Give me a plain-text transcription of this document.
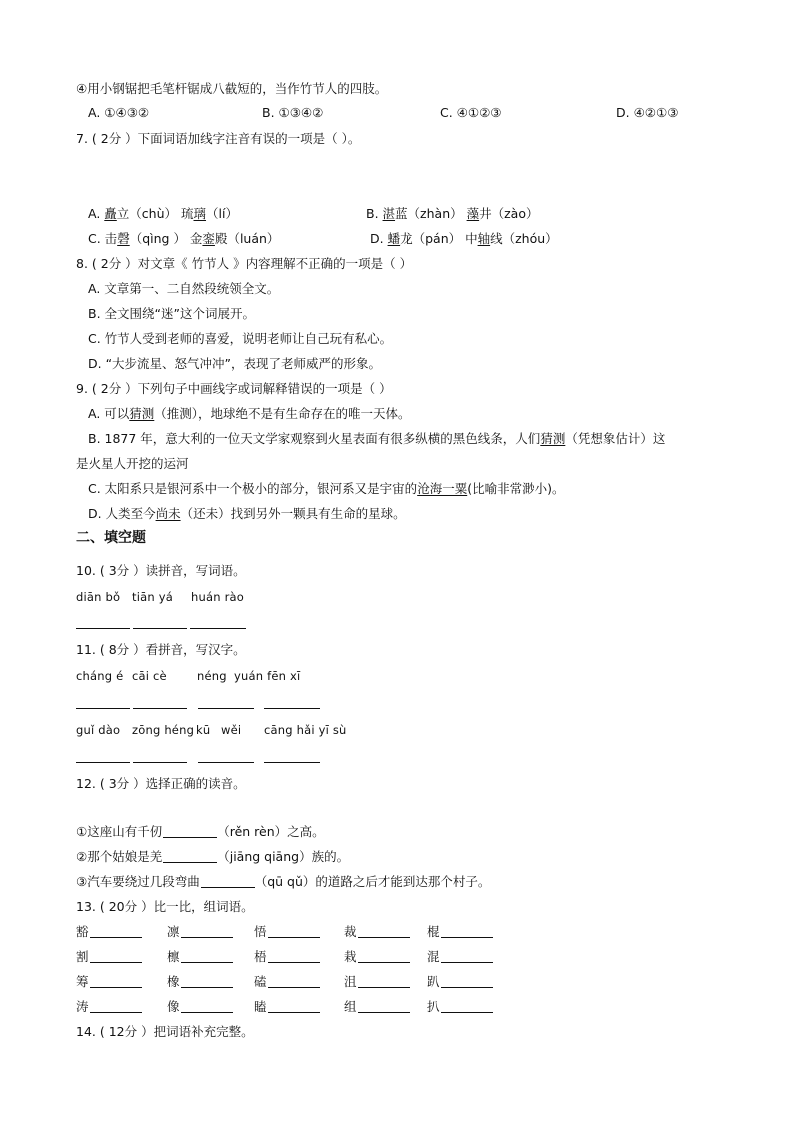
④用小钢锯把毛笔杆锯成八截短的，当作竹节人的四肢。
A. ①④③②	B. ①③④②	C. ④①②③	D. ④②①③
7. ( 2分 ）下面词语加线字注音有误的一项是（ ）。
A. 矗立（chù） 琉璃（lí）	B. 湛蓝（zhàn） 藻井（zào）
C. 击磬（qìng ） 金銮殿（luán）	D. 蟠龙（pán） 中轴线（zhóu）
8. ( 2分 ）对文章《 竹节人 》内容理解不正确的一项是（ ）
A. 文章第一、二自然段统领全文。
B. 全文围绕“迷”这个词展开。
C. 竹节人受到老师的喜爱，说明老师让自己玩有私心。
D. “大步流星、怒气冲冲”，表现了老师威严的形象。
9. ( 2分 ）下列句子中画线字或词解释错误的一项是（ ）
A. 可以猜测（推测），地球绝不是有生命存在的唯一天体。
B. 1877 年，意大利的一位天文学家观察到火星表面有很多纵横的黑色线条，人们猜测（凭想象估计）这
是火星人开挖的运河
C. 太阳系只是银河系中一个极小的部分，银河系又是宇宙的沧海一粟(比喻非常渺小)。
D. 人类至今尚未（还未）找到另外一颗具有生命的星球。
二、填空题
10. ( 3分 ）读拼音，写词语。
diān bǒ tiān yá huán rào
11. ( 8分 ）看拼音，写汉字。
cháng é cāi cè	néng yuán fēn xī
guǐ dào zōng héng kū wěi cāng hǎi yī sù
12. ( 3分 ）选择正确的读音。
①这座山有千仞	（rěn rèn）之高。
②那个姑娘是羌	（jiāng qiāng）族的。
③汽车要绕过几段弯曲	（qū qǔ）的道路之后才能到达那个村子。
13. ( 20分 ）比一比，组词语。
豁	凛	悟	裁	棍
割	檩	梧	栽	混
筹	橡	磕	沮	趴
涛	像	瞌	组	扒
14. ( 12分 ）把词语补充完整。
